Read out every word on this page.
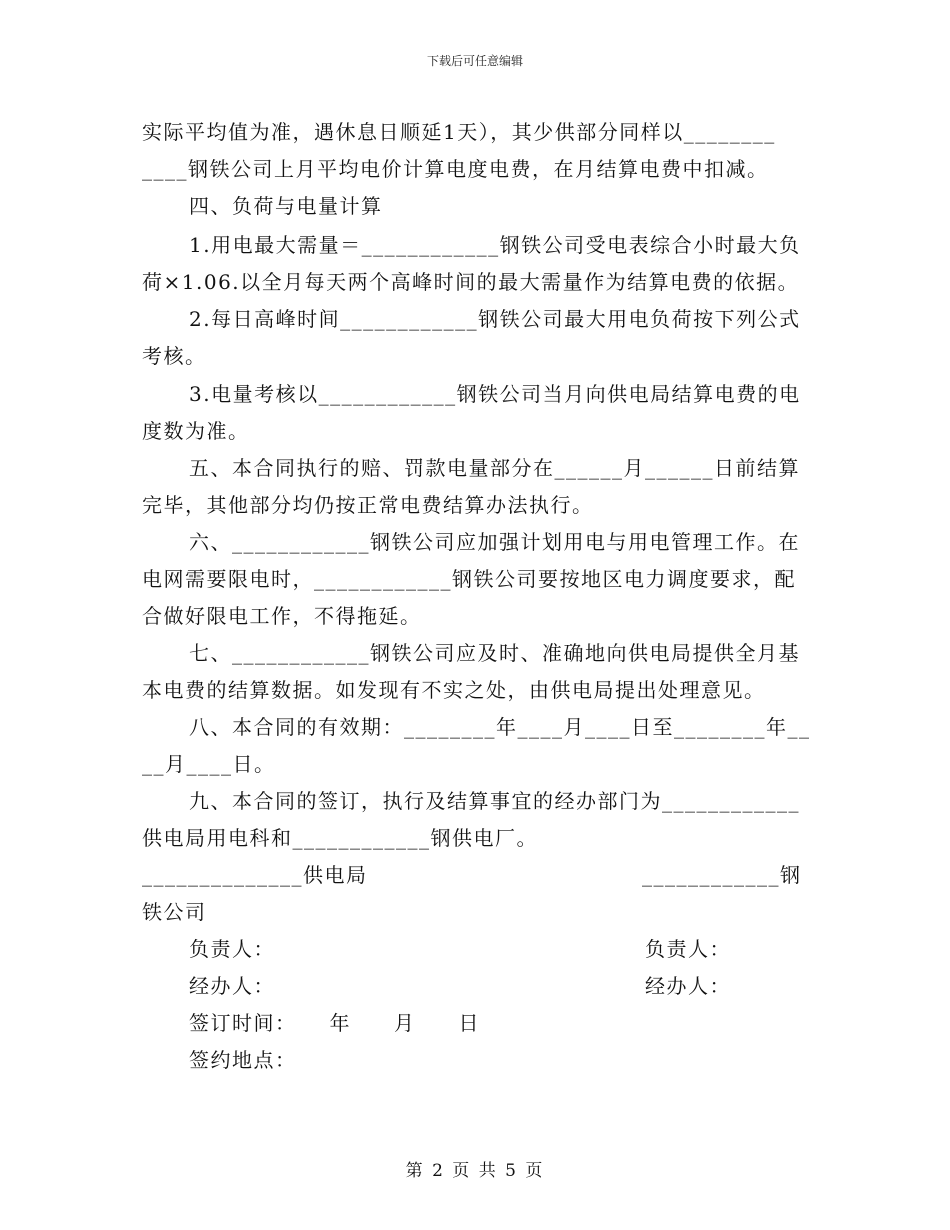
下载后可任意编辑
实际平均值为准，遇休息日顺延1天），其少供部分同样以________
____钢铁公司上月平均电价计算电度电费，在月结算电费中扣减。
四、负荷与电量计算
1.用电最大需量＝____________钢铁公司受电表综合小时最大负
荷×1.06.以全月每天两个高峰时间的最大需量作为结算电费的依据。
2.每日高峰时间____________钢铁公司最大用电负荷按下列公式
考核。
3.电量考核以____________钢铁公司当月向供电局结算电费的电
度数为准。
五、本合同执行的赔、罚款电量部分在______月______日前结算
完毕，其他部分均仍按正常电费结算办法执行。
六、____________钢铁公司应加强计划用电与用电管理工作。在
电网需要限电时，____________钢铁公司要按地区电力调度要求，配
合做好限电工作，不得拖延。
七、____________钢铁公司应及时、准确地向供电局提供全月基
本电费的结算数据。如发现有不实之处，由供电局提出处理意见。
八、本合同的有效期：________年____月____日至________年__
__月____日。
九、本合同的签订，执行及结算事宜的经办部门为____________
供电局用电科和____________钢供电厂。
______________供电局	____________钢
铁公司
负责人：	负责人：
经办人：	经办人：
签订时间：　　年　　月　　日
签约地点：
第 2 页 共 5 页
